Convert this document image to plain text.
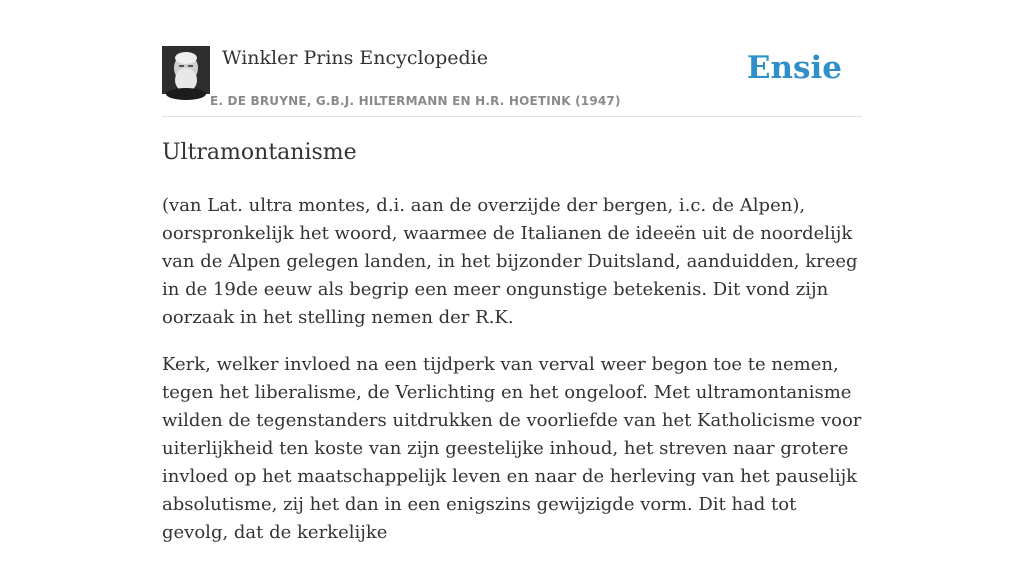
Winkler Prins Encyclopedie
E. DE BRUYNE, G.B.J. HILTERMANN EN H.R. HOETINK (1947)
Ensie
Ultramontanisme

(van Lat. ultra montes, d.i. aan de overzijde der bergen, i.c. de Alpen), oorspronkelijk het woord, waarmee de Italianen de ideeën uit de noordelijk van de Alpen gelegen landen, in het bijzonder Duitsland, aanduidden, kreeg in de 19de eeuw als begrip een meer ongunstige betekenis. Dit vond zijn oorzaak in het stelling nemen der R.K.

Kerk, welker invloed na een tijdperk van verval weer begon toe te nemen, tegen het liberalisme, de Verlichting en het ongeloof. Met ultramontanisme wilden de tegenstanders uitdrukken de voorliefde van het Katholicisme voor uiterlijkheid ten koste van zijn geestelijke inhoud, het streven naar grotere invloed op het maatschappelijk leven en naar de herleving van het pauselijk absolutisme, zij het dan in een enigszins gewijzigde vorm. Dit had tot gevolg, dat de kerkelijke
